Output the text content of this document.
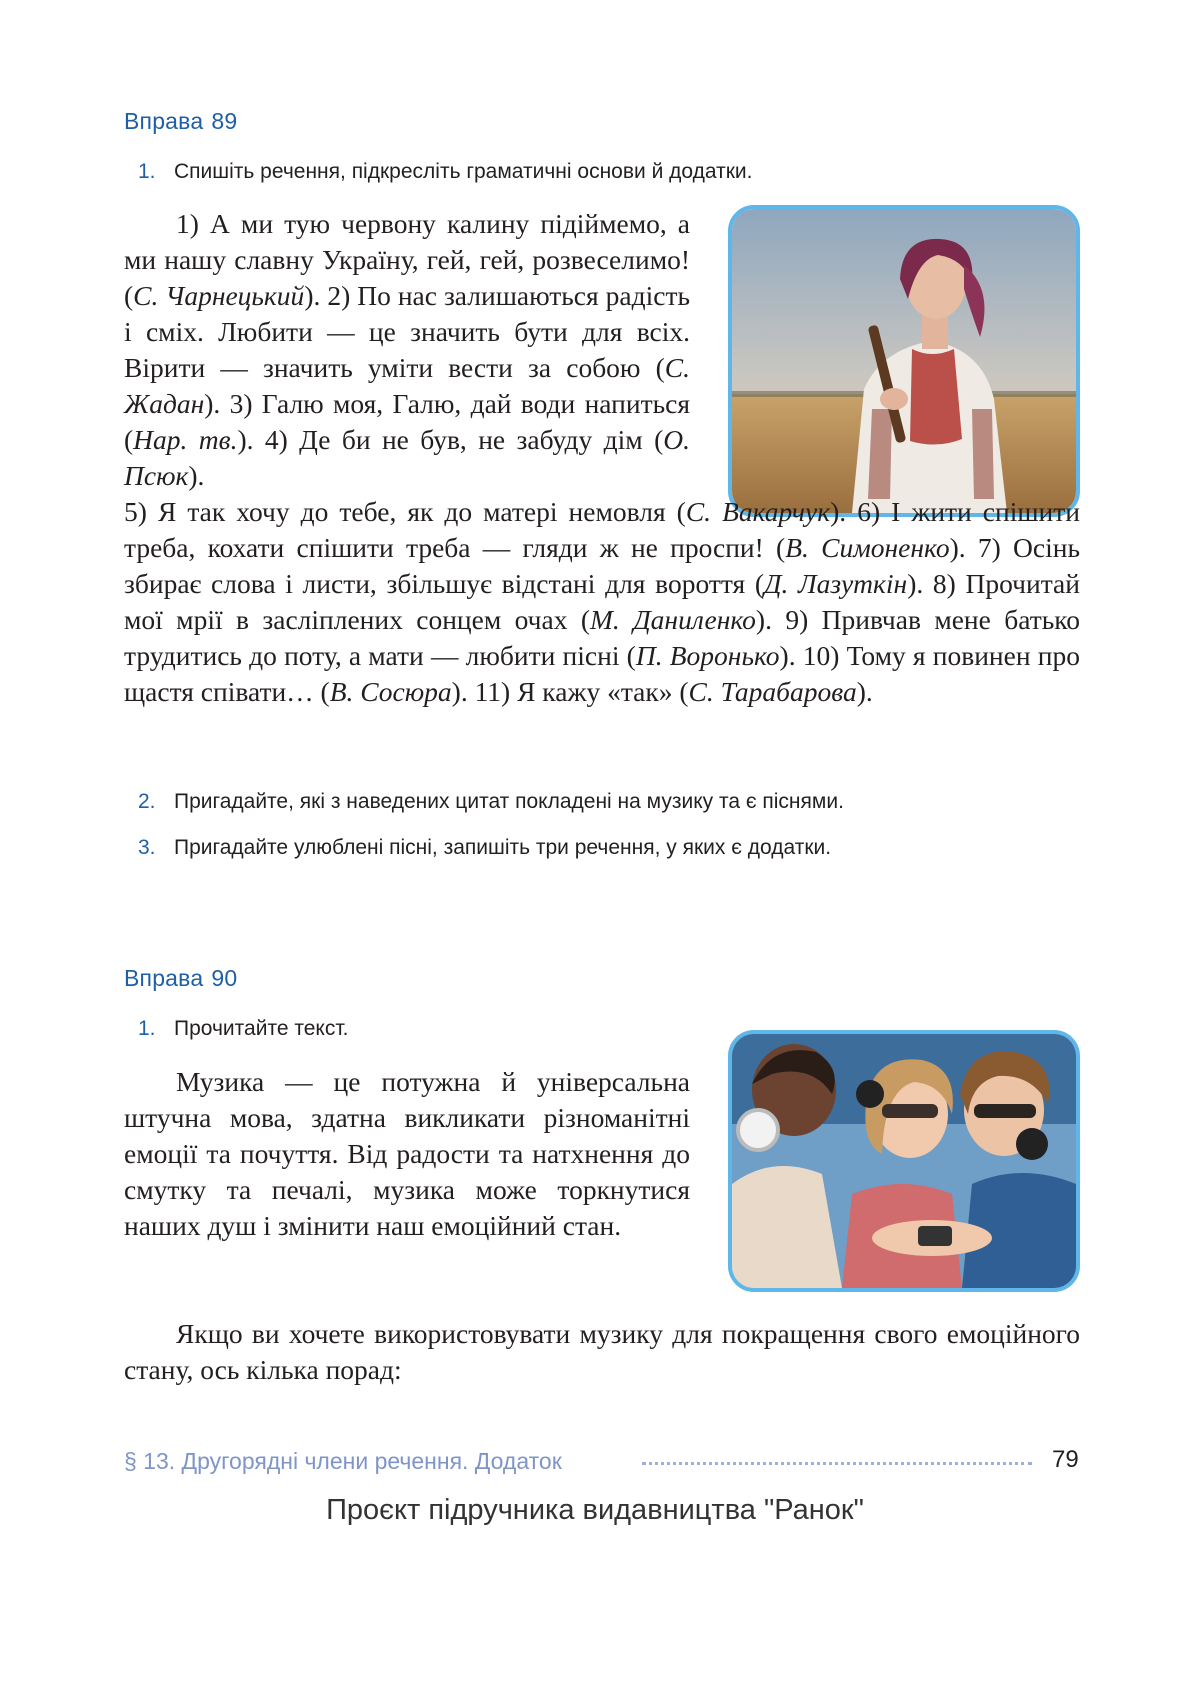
Вправа 89
1. Спишіть речення, підкресліть граматичні основи й додатки.

1) А ми тую червону калину підіймемо, а ми нашу славну Україну, гей, гей, розвеселимо! (С. Чарнецький). 2) По нас залишаються радість і сміх. Любити — це значить бути для всіх. Вірити — значить уміти вести за собою (С. Жадан). 3) Галю моя, Галю, дай води напиться (Нар. тв.). 4) Де би не був, не забуду дім (О. Псюк).

5) Я так хочу до тебе, як до матері немовля (С. Вакарчук). 6) І жити спішити треба, кохати спішити треба — гляди ж не проспи! (В. Симоненко). 7) Осінь збирає слова і листи, збільшує відстані для вороття (Д. Лазуткін). 8) Прочитай мої мрії в засліплених сонцем очах (М. Даниленко). 9) Привчав мене батько трудитись до поту, а мати — любити пісні (П. Воронько). 10) Тому я повинен про щастя співати… (В. Сосюра). 11) Я кажу «так» (С. Тарабарова).

2. Пригадайте, які з наведених цитат покладені на музику та є піснями.
3. Пригадайте улюблені пісні, запишіть три речення, у яких є додатки.
Вправа 90
1. Прочитайте текст.

Музика — це потужна й універсальна штучна мова, здатна викликати різноманітні емоції та почуття. Від радости та натхнення до смутку та печалі, музика може торкнутися наших душ і змінити наш емоційний стан.

Якщо ви хочете використовувати музику для покращення свого емоційного стану, ось кілька порад:

§ 13. Другорядні члени речення. Додаток	79
Проєкт підручника видавництва "Ранок"
